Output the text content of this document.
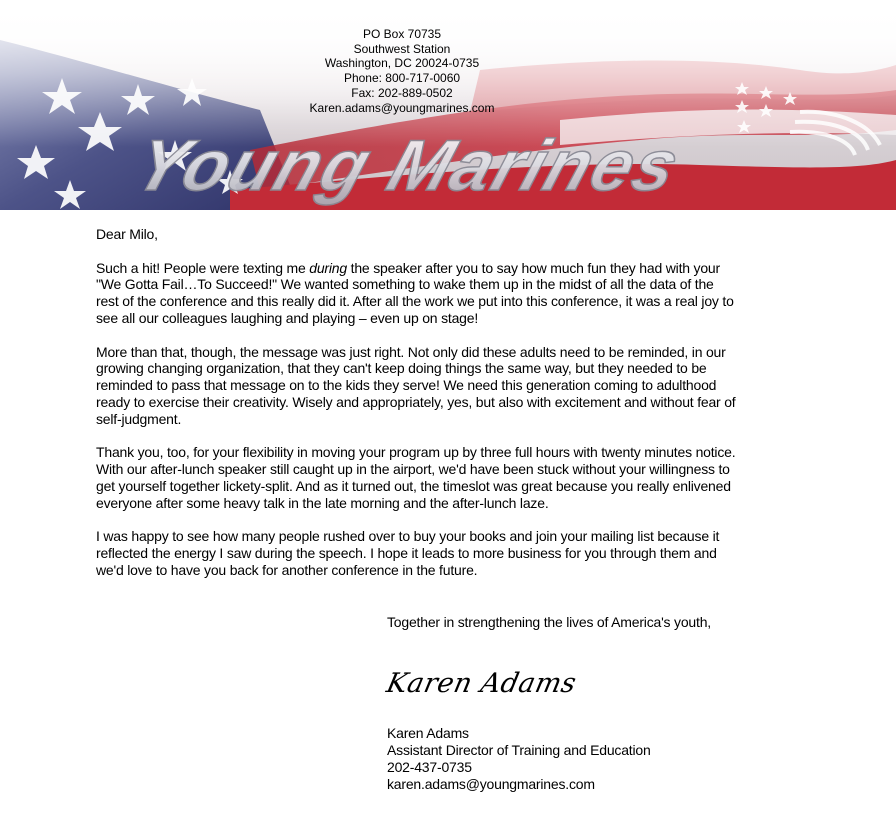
Young Marines
PO Box 70735
Southwest Station
Washington, DC 20024-0735
Phone: 800-717-0060
Fax: 202-889-0502
Karen.adams@youngmarines.com

Dear Milo,

Such a hit! People were texting me during the speaker after you to say how much fun they had with your "We Gotta Fail…To Succeed!" We wanted something to wake them up in the midst of all the data of the rest of the conference and this really did it. After all the work we put into this conference, it was a real joy to see all our colleagues laughing and playing – even up on stage!

More than that, though, the message was just right. Not only did these adults need to be reminded, in our growing changing organization, that they can't keep doing things the same way, but they needed to be reminded to pass that message on to the kids they serve! We need this generation coming to adulthood ready to exercise their creativity. Wisely and appropriately, yes, but also with excitement and without fear of self-judgment.

Thank you, too, for your flexibility in moving your program up by three full hours with twenty minutes notice. With our after-lunch speaker still caught up in the airport, we'd have been stuck without your willingness to get yourself together lickety-split. And as it turned out, the timeslot was great because you really enlivened everyone after some heavy talk in the late morning and the after-lunch laze.

I was happy to see how many people rushed over to buy your books and join your mailing list because it reflected the energy I saw during the speech. I hope it leads to more business for you through them and we'd love to have you back for another conference in the future.

Together in strengthening the lives of America's youth,
Karen Adams
Karen Adams
Assistant Director of Training and Education
202-437-0735
karen.adams@youngmarines.com
